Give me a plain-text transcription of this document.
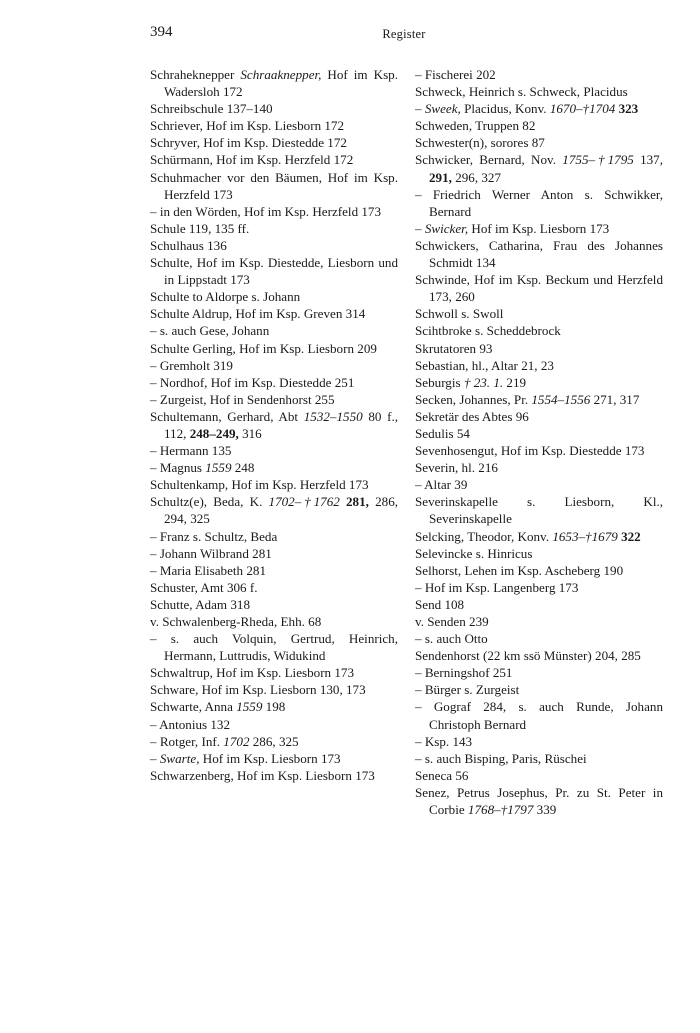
394	Register
Schraheknepper Schraaknepper, Hof im Ksp. Wadersloh 172
Schreibschule 137–140
Schriever, Hof im Ksp. Liesborn 172
Schryver, Hof im Ksp. Diestedde 172
Schürmann, Hof im Ksp. Herzfeld 172
Schuhmacher vor den Bäumen, Hof im Ksp. Herzfeld 173
– in den Wörden, Hof im Ksp. Herzfeld 173
Schule 119, 135 ff.
Schulhaus 136
Schulte, Hof im Ksp. Diestedde, Liesborn und in Lippstadt 173
Schulte to Aldorpe s. Johann
Schulte Aldrup, Hof im Ksp. Greven 314
– s. auch Gese, Johann
Schulte Gerling, Hof im Ksp. Liesborn 209
– Gremholt 319
– Nordhof, Hof im Ksp. Diestedde 251
– Zurgeist, Hof in Sendenhorst 255
Schultemann, Gerhard, Abt 1532–1550 80 f., 112, 248–249, 316
– Hermann 135
– Magnus 1559 248
Schultenkamp, Hof im Ksp. Herzfeld 173
Schultz(e), Beda, K. 1702–†1762 281, 286, 294, 325
– Franz s. Schultz, Beda
– Johann Wilbrand 281
– Maria Elisabeth 281
Schuster, Amt 306 f.
Schutte, Adam 318
v. Schwalenberg-Rheda, Ehh. 68
– s. auch Volquin, Gertrud, Heinrich, Hermann, Luttrudis, Widukind
Schwaltrup, Hof im Ksp. Liesborn 173
Schware, Hof im Ksp. Liesborn 130, 173
Schwarte, Anna 1559 198
– Antonius 132
– Rotger, Inf. 1702 286, 325
– Swarte, Hof im Ksp. Liesborn 173
Schwarzenberg, Hof im Ksp. Liesborn 173
– Fischerei 202
Schweck, Heinrich s. Schweck, Placidus
– Sweek, Placidus, Konv. 1670–†1704 323
Schweden, Truppen 82
Schwester(n), sorores 87
Schwicker, Bernard, Nov. 1755–†1795 137, 291, 296, 327
– Friedrich Werner Anton s. Schwikker, Bernard
– Swicker, Hof im Ksp. Liesborn 173
Schwickers, Catharina, Frau des Johannes Schmidt 134
Schwinde, Hof im Ksp. Beckum und Herzfeld 173, 260
Schwoll s. Swoll
Scihtbroke s. Scheddebrock
Skrutatoren 93
Sebastian, hl., Altar 21, 23
Seburgis † 23. 1. 219
Secken, Johannes, Pr. 1554–1556 271, 317
Sekretär des Abtes 96
Sedulis 54
Sevenhosengut, Hof im Ksp. Diestedde 173
Severin, hl. 216
– Altar 39
Severinskapelle s. Liesborn, Kl., Severinskapelle
Selcking, Theodor, Konv. 1653–†1679 322
Selevincke s. Hinricus
Selhorst, Lehen im Ksp. Ascheberg 190
– Hof im Ksp. Langenberg 173
Send 108
v. Senden 239
– s. auch Otto
Sendenhorst (22 km ssö Münster) 204, 285
– Berningshof 251
– Bürger s. Zurgeist
– Gograf 284, s. auch Runde, Johann Christoph Bernard
– Ksp. 143
– s. auch Bisping, Paris, Rüschei
Seneca 56
Senez, Petrus Josephus, Pr. zu St. Peter in Corbie 1768–†1797 339
